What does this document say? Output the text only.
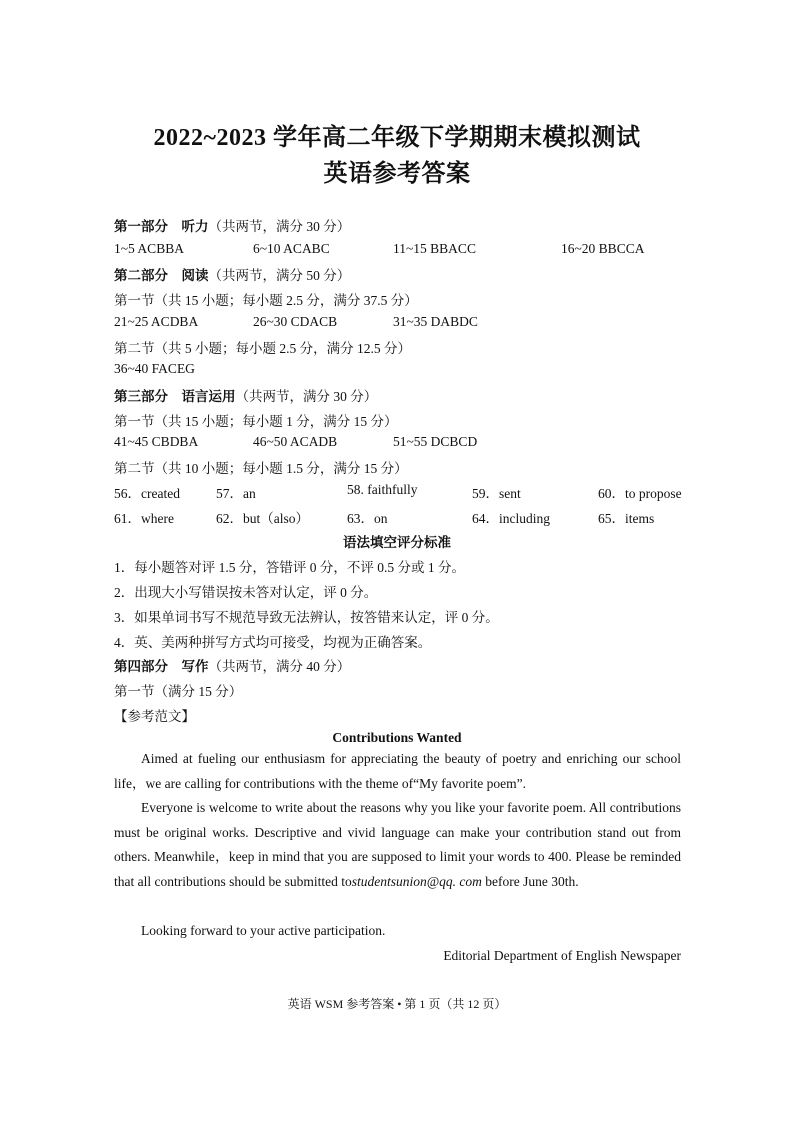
2022~2023 学年高二年级下学期期末模拟测试
英语参考答案
第一部分 听力（共两节，满分 30 分）
1~5 ACBBA	6~10 ACABC	11~15 BBACC	16~20 BBCCA
第二部分 阅读（共两节，满分 50 分）
第一节（共 15 小题；每小题 2.5 分，满分 37.5 分）
21~25 ACDBA	26~30 CDACB	31~35 DABDC
第二节（共 5 小题；每小题 2.5 分，满分 12.5 分）
36~40 FACEG
第三部分 语言运用（共两节，满分 30 分）
第一节（共 15 小题；每小题 1 分，满分 15 分）
41~45 CBDBA	46~50 ACADB	51~55 DCBCD
第二节（共 10 小题；每小题 1.5 分，满分 15 分）
56．created	57．an	58. faithfully	59．sent	60．to propose
61．where	62．but（also）	63．on	64．including	65．items
语法填空评分标准
1．每小题答对评 1.5 分，答错评 0 分，不评 0.5 分或 1 分。
2．出现大小写错误按未答对认定，评 0 分。
3．如果单词书写不规范导致无法辨认，按答错来认定，评 0 分。
4．英、美两种拼写方式均可接受，均视为正确答案。
第四部分 写作（共两节，满分 40 分）
第一节（满分 15 分）
【参考范文】
Contributions Wanted
Aimed at fueling our enthusiasm for appreciating the beauty of poetry and enriching our school life，we are calling for contributions with the theme of“My favorite poem”.
Everyone is welcome to write about the reasons why you like your favorite poem. All contributions must be original works. Descriptive and vivid language can make your contribution stand out from others. Meanwhile，keep in mind that you are supposed to limit your words to 400. Please be reminded that all contributions should be submitted tostudentsunion@qq. com before June 30th.
Looking forward to your active participation.
Editorial Department of English Newspaper
英语 WSM 参考答案 • 第 1 页（共 12 页）
